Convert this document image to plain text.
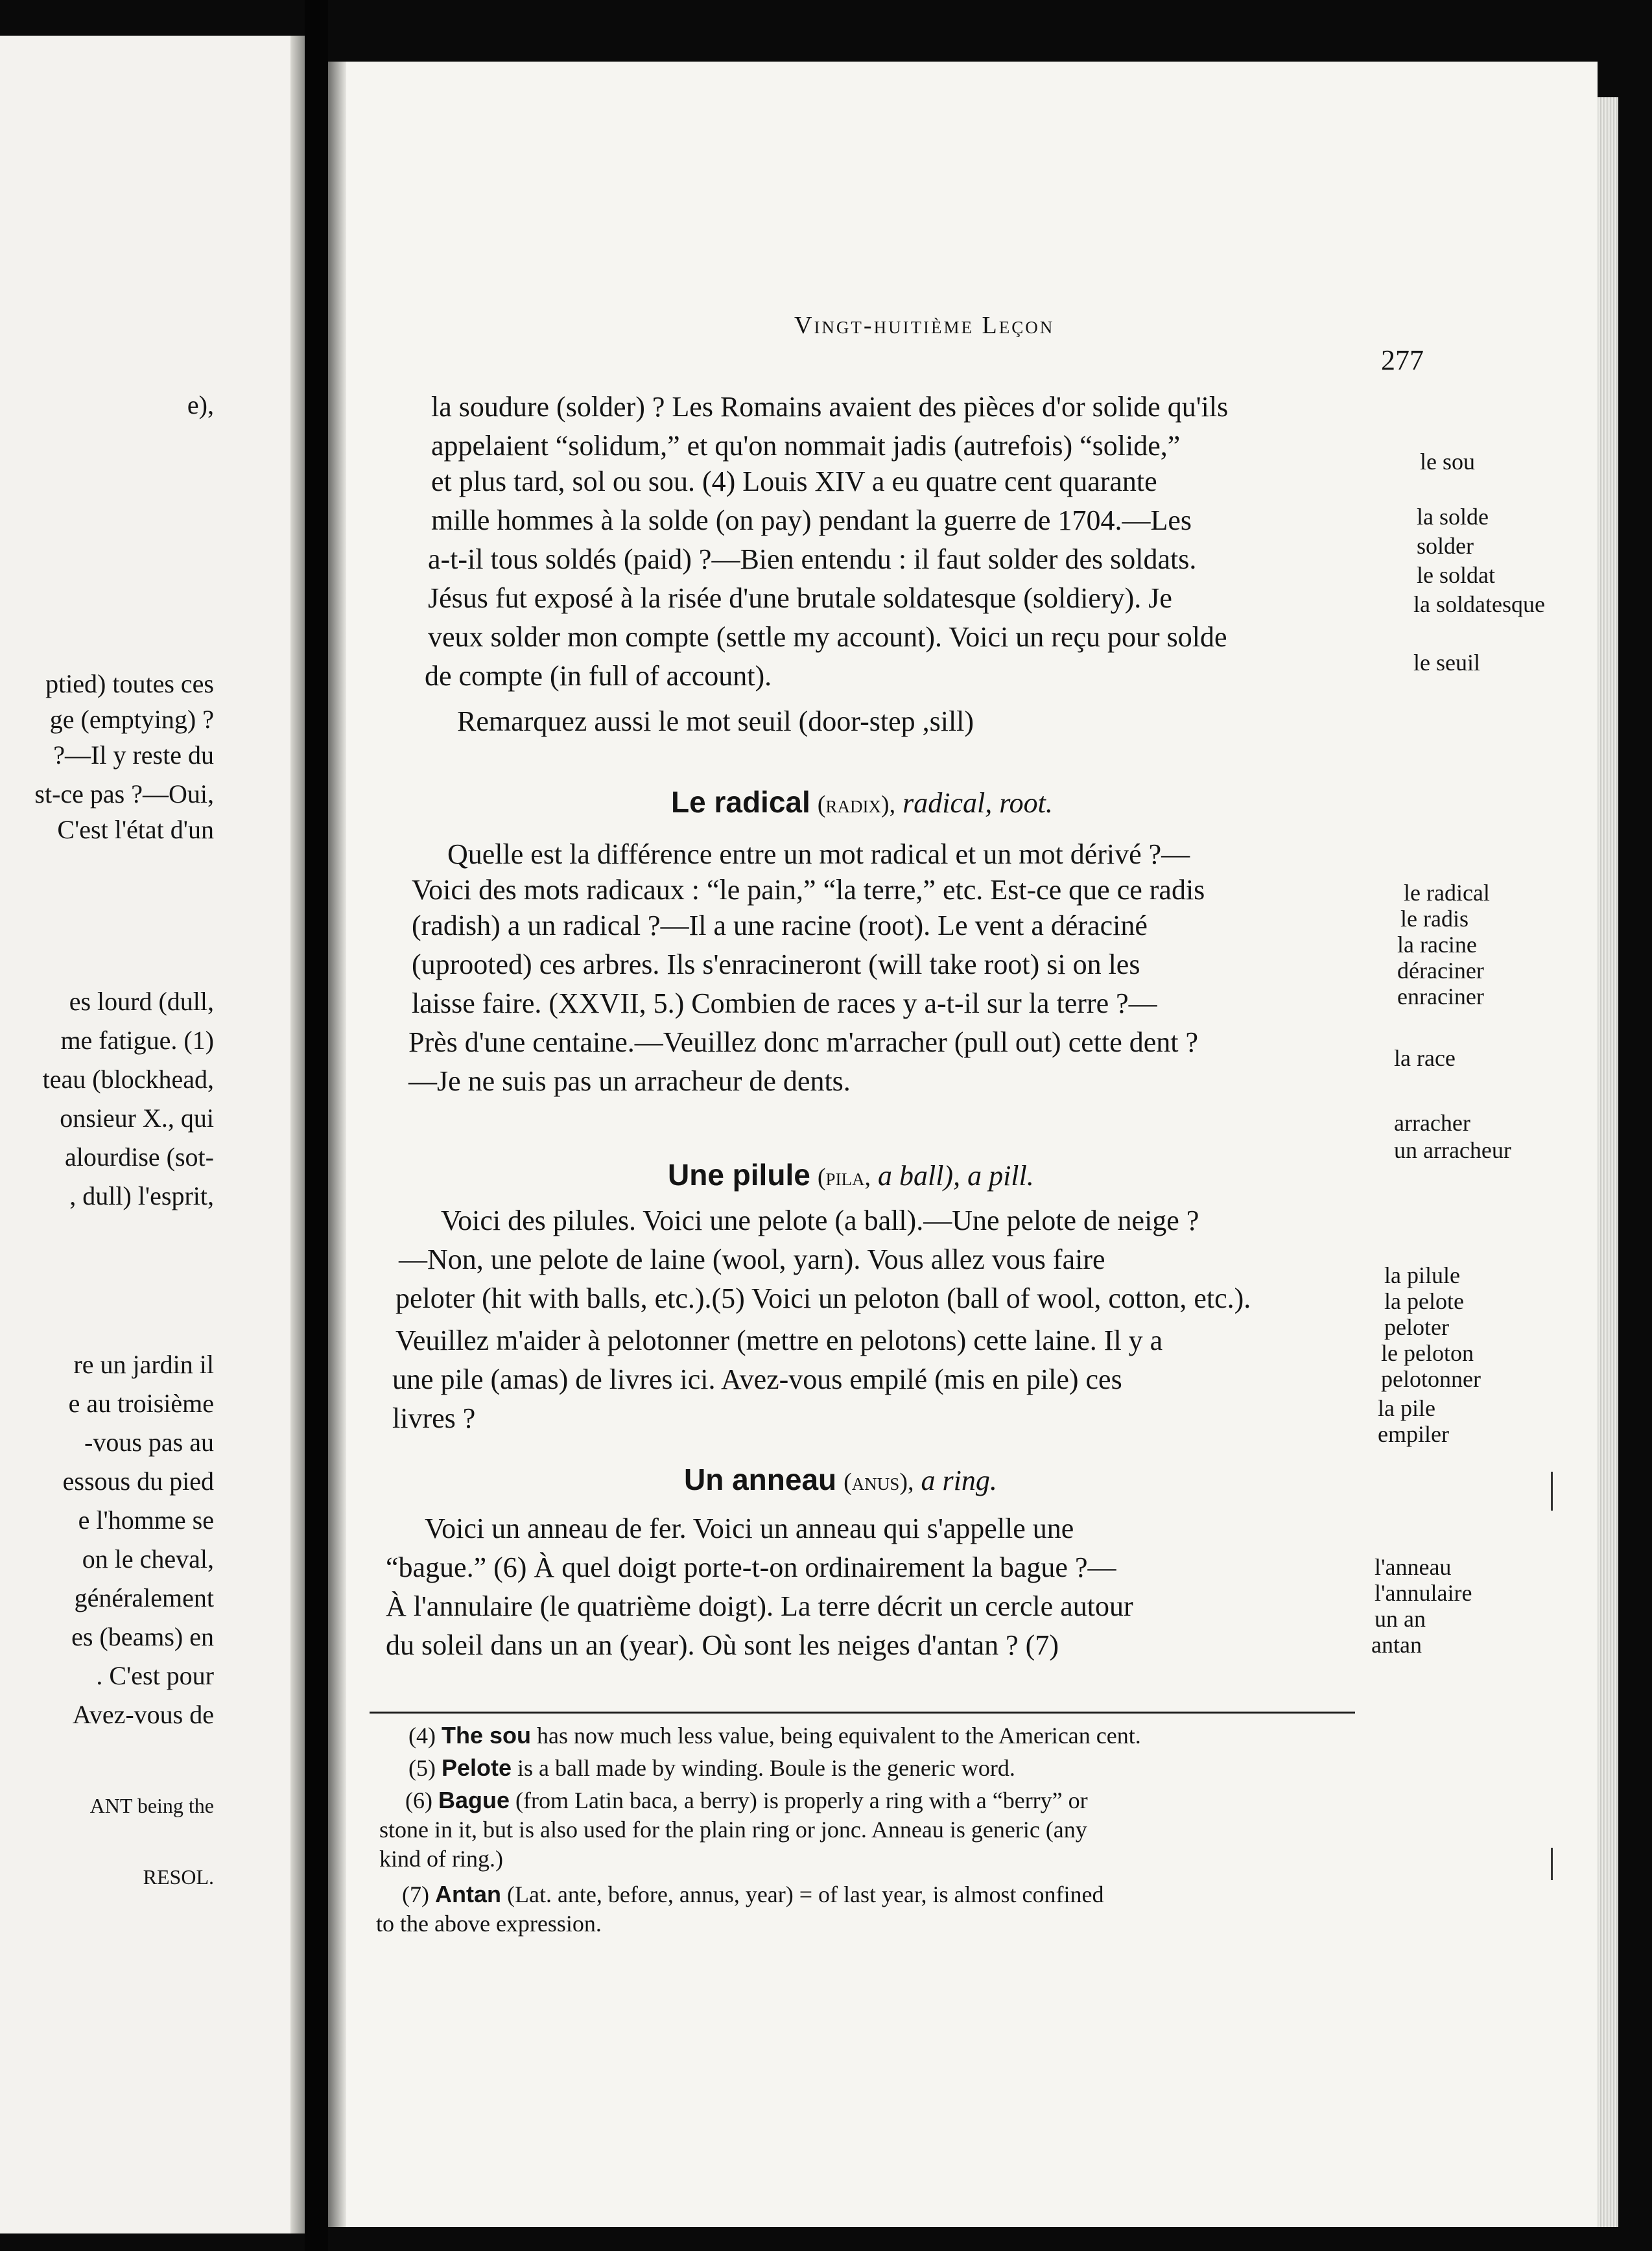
e),
ptied) toutes ces
ge (emptying) ?
?—Il y reste du
st-ce pas ?—Oui,
C'est l'état d'un
es lourd (dull,
me fatigue. (1)
teau (blockhead,
onsieur X., qui
alourdise (sot-
, dull) l'esprit,
re un jardin il
e au troisième
-vous pas au
essous du pied
e l'homme se
on le cheval,
généralement
es (beams) en
. C'est pour
Avez-vous de
ANT being the
RESOL.
Vingt-huitième Leçon
277
la soudure (solder) ? Les Romains avaient des pièces d'or solide qu'ils
appelaient “solidum,” et qu'on nommait jadis (autrefois) “solide,”
et plus tard, sol ou sou. (4) Louis XIV a eu quatre cent quarante
mille hommes à la solde (on pay) pendant la guerre de 1704.—Les
a-t-il tous soldés (paid) ?—Bien entendu : il faut solder des soldats.
Jésus fut exposé à la risée d'une brutale soldatesque (soldiery). Je
veux solder mon compte (settle my account). Voici un reçu pour solde
de compte (in full of account).
Remarquez aussi le mot seuil (door-step ,sill)
Quelle est la différence entre un mot radical et un mot dérivé ?—
Voici des mots radicaux : “le pain,” “la terre,” etc. Est-ce que ce radis
(radish) a un radical ?—Il a une racine (root). Le vent a déraciné
(uprooted) ces arbres. Ils s'enracineront (will take root) si on les
laisse faire. (XXVII, 5.) Combien de races y a-t-il sur la terre ?—
Près d'une centaine.—Veuillez donc m'arracher (pull out) cette dent ?
—Je ne suis pas un arracheur de dents.
Voici des pilules. Voici une pelote (a ball).—Une pelote de neige ?
—Non, une pelote de laine (wool, yarn). Vous allez vous faire
peloter (hit with balls, etc.).(5) Voici un peloton (ball of wool, cotton, etc.).
Veuillez m'aider à pelotonner (mettre en pelotons) cette laine. Il y a
une pile (amas) de livres ici. Avez-vous empilé (mis en pile) ces
livres ?
Voici un anneau de fer. Voici un anneau qui s'appelle une
“bague.” (6) À quel doigt porte-t-on ordinairement la bague ?—
À l'annulaire (le quatrième doigt). La terre décrit un cercle autour
du soleil dans un an (year). Où sont les neiges d'antan ? (7)
Le radical (radix), radical, root.
Une pilule (pila, a ball), a pill.
Un anneau (anus), a ring.
le sou
la solde
solder
le soldat
la soldatesque
le seuil
le radical
le radis
la racine
déraciner
enraciner
la race
arracher
un arracheur
la pilule
la pelote
peloter
le peloton
pelotonner
la pile
empiler
l'anneau
l'annulaire
un an
antan
(4) The sou has now much less value, being equivalent to the American cent.
(5) Pelote is a ball made by winding. Boule is the generic word.
(6) Bague (from Latin baca, a berry) is properly a ring with a “berry” or
stone in it, but is also used for the plain ring or jonc. Anneau is generic (any
kind of ring.)
(7) Antan (Lat. ante, before, annus, year) = of last year, is almost confined
to the above expression.
